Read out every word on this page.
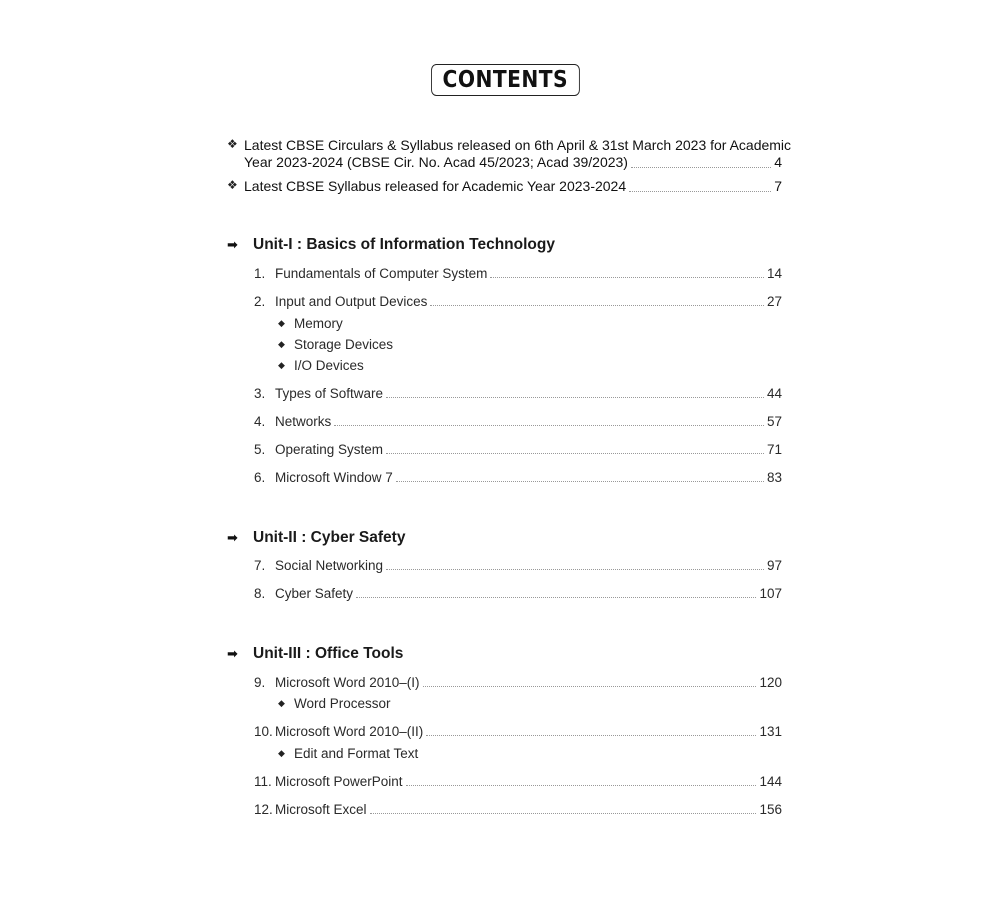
CONTENTS
❖ Latest CBSE Circulars & Syllabus released on 6th April & 31st March 2023 for Academic
Year 2023-2024 (CBSE Cir. No. Acad 45/2023; Acad 39/2023)	4
❖ Latest CBSE Syllabus released for Academic Year 2023-2024	7
➡ Unit-I : Basics of Information Technology
1. Fundamentals of Computer System	14
2. Input and Output Devices	27
◆ Memory
◆ Storage Devices
◆ I/O Devices
3. Types of Software	44
4. Networks	57
5. Operating System	71
6. Microsoft Window 7	83
➡ Unit-II : Cyber Safety
7. Social Networking	97
8. Cyber Safety	107
➡ Unit-III : Office Tools
9. Microsoft Word 2010–(I)	120
◆ Word Processor
10. Microsoft Word 2010–(II)	131
◆ Edit and Format Text
11. Microsoft PowerPoint	144
12. Microsoft Excel	156
